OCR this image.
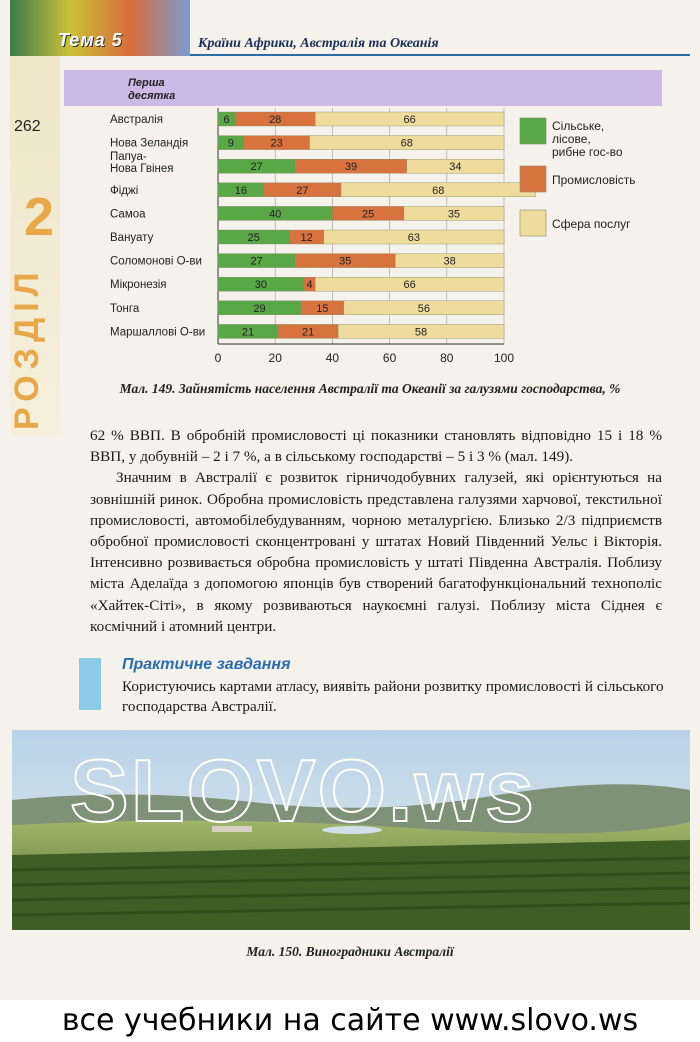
Тема 5	Країни Африки, Австралія та Океанія
262
2
РОЗДІЛ
Перша
десятка
0	20	40	60	80	100
Австралія	6	28	66
Нова Зеландія	9	23	68
Папуа-
Нова Гвінея	27	39	34
Фіджі	16	27	68
Самоа	40	25	35
Вануату	25	12	63
Соломонові О-ви	27	35	38
Мікронезія	30	4	66
Тонга	29	15	56
Маршаллові О-ви	21	21	58
Сільське,
лісове,
рибне гос-во
Промисловість
Сфера послуг
Мал. 149. Зайнятість населення Австралії та Океанії за галузями господарства, %

62 % ВВП. В обробній промисловості ці показники становлять відповідно 15 і 18 % ВВП, у добувній – 2 і 7 %, а в сільському господарстві – 5 і 3 % (мал. 149).

Значним в Австралії є розвиток гірничодобувних галузей, які орієнтуються на зовнішній ринок. Обробна промисловість представлена галузями харчової, текстильної промисловості, автомобілебудуванням, чорною металургією. Близько 2/3 підприємств обробної промисловості сконцентровані у штатах Новий Південний Уельс і Вікторія. Інтенсивно розвивається обробна промисловість у штаті Південна Австралія. Поблизу міста Аделаїда з допомогою японців був створений багатофункціональний технополіс «Хайтек-Сіті», в якому розвиваються наукоємні галузі. Поблизу міста Сіднея є космічний і атомний центри.

Практичне завдання
Користуючись картами атласу, виявіть райони розвитку промисловості й сільського господарства Австралії.
SLOVO.ws
Мал. 150. Виноградники Австралії
все учебники на сайте www.slovo.ws
